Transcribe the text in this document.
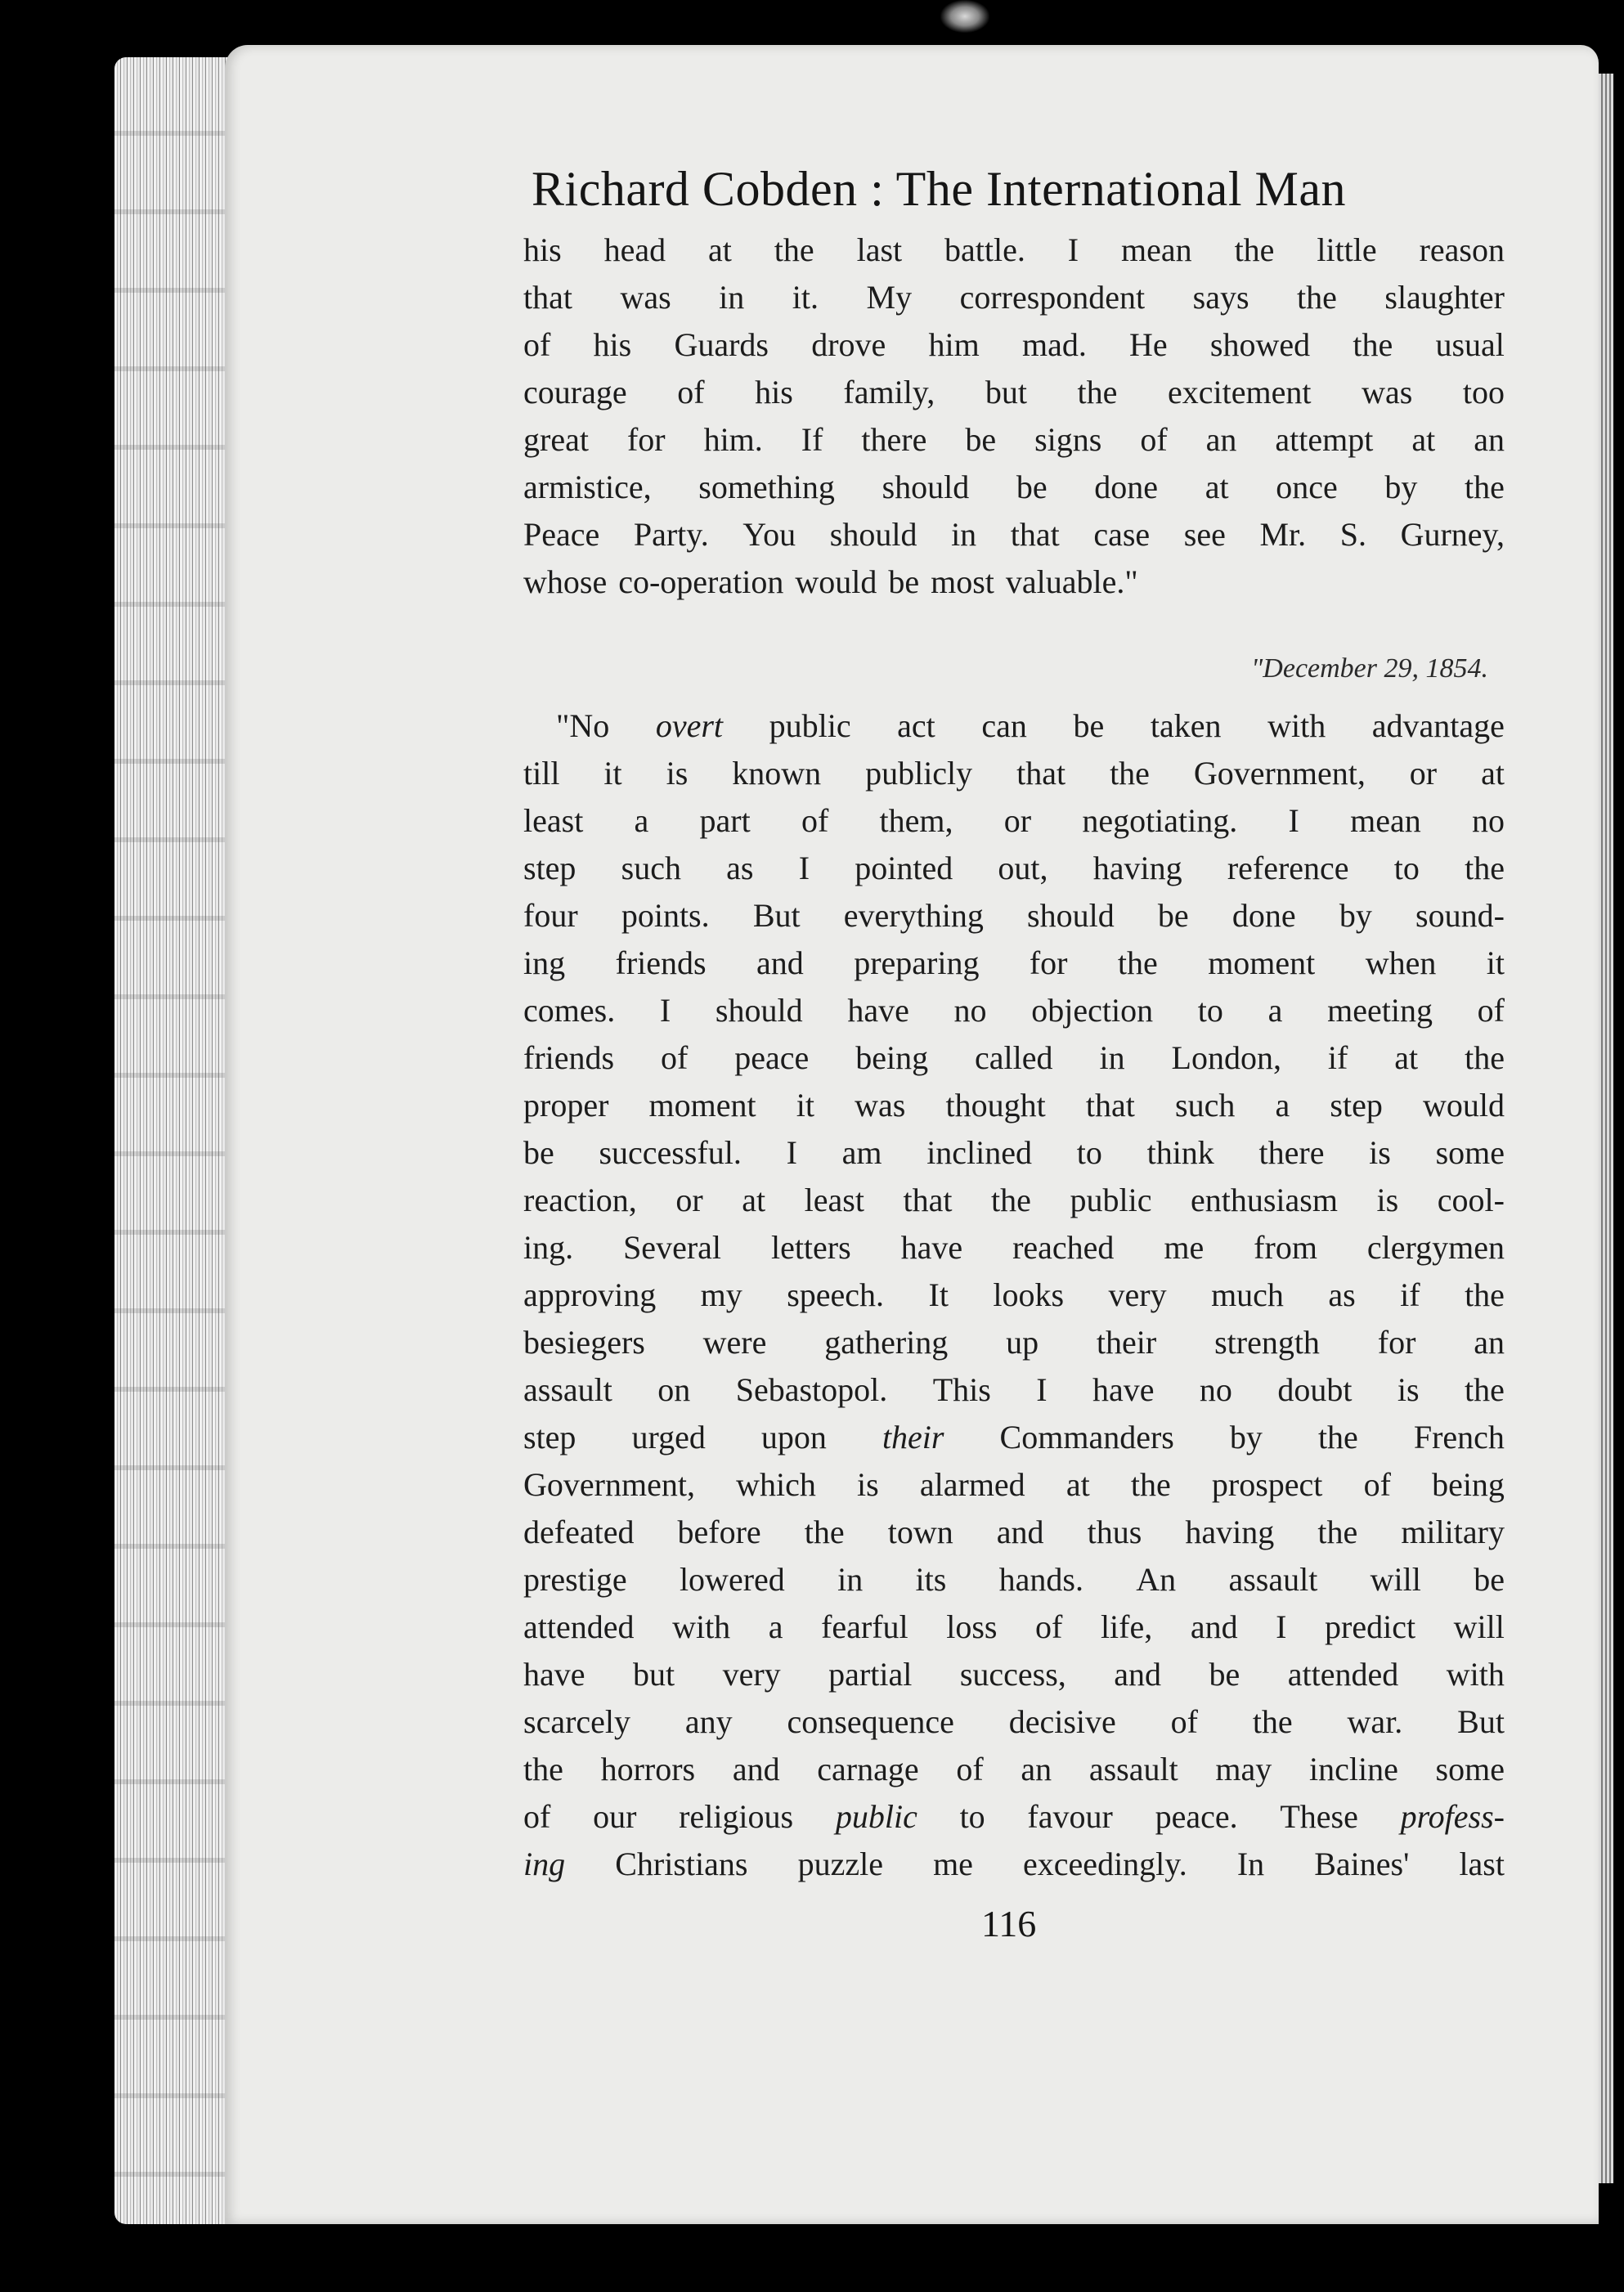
Richard Cobden : The International Man
his head at the last battle. I mean the little reason
that was in it. My correspondent says the slaughter
of his Guards drove him mad. He showed the usual
courage of his family, but the excitement was too
great for him. If there be signs of an attempt at an
armistice, something should be done at once by the
Peace Party. You should in that case see Mr. S. Gurney,
whose co-operation would be most valuable."
"December 29, 1854.
"No overt public act can be taken with advantage
till it is known publicly that the Government, or at
least a part of them, or negotiating. I mean no
step such as I pointed out, having reference to the
four points. But everything should be done by sound-
ing friends and preparing for the moment when it
comes. I should have no objection to a meeting of
friends of peace being called in London, if at the
proper moment it was thought that such a step would
be successful. I am inclined to think there is some
reaction, or at least that the public enthusiasm is cool-
ing. Several letters have reached me from clergymen
approving my speech. It looks very much as if the
besiegers were gathering up their strength for an
assault on Sebastopol. This I have no doubt is the
step urged upon their Commanders by the French
Government, which is alarmed at the prospect of being
defeated before the town and thus having the military
prestige lowered in its hands. An assault will be
attended with a fearful loss of life, and I predict will
have but very partial success, and be attended with
scarcely any consequence decisive of the war. But
the horrors and carnage of an assault may incline some
of our religious public to favour peace. These profess-
ing Christians puzzle me exceedingly. In Baines' last
116
